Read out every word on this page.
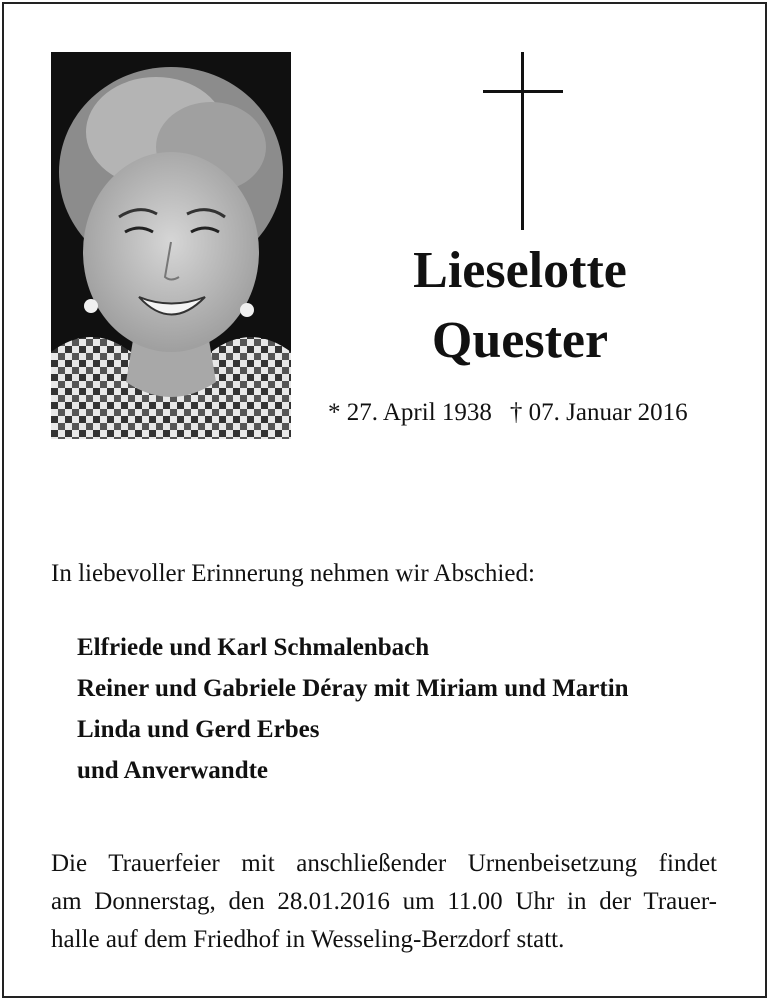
Lieselotte
Quester
* 27. April 1938 † 07. Januar 2016
In liebevoller Erinnerung nehmen wir Abschied:
Elfriede und Karl Schmalenbach
Reiner und Gabriele Déray mit Miriam und Martin
Linda und Gerd Erbes
und Anverwandte
Die Trauerfeier mit anschließender Urnenbeisetzung findet
am Donnerstag, den 28.01.2016 um 11.00 Uhr in der Trauer-
halle auf dem Friedhof in Wesseling-Berzdorf statt.
